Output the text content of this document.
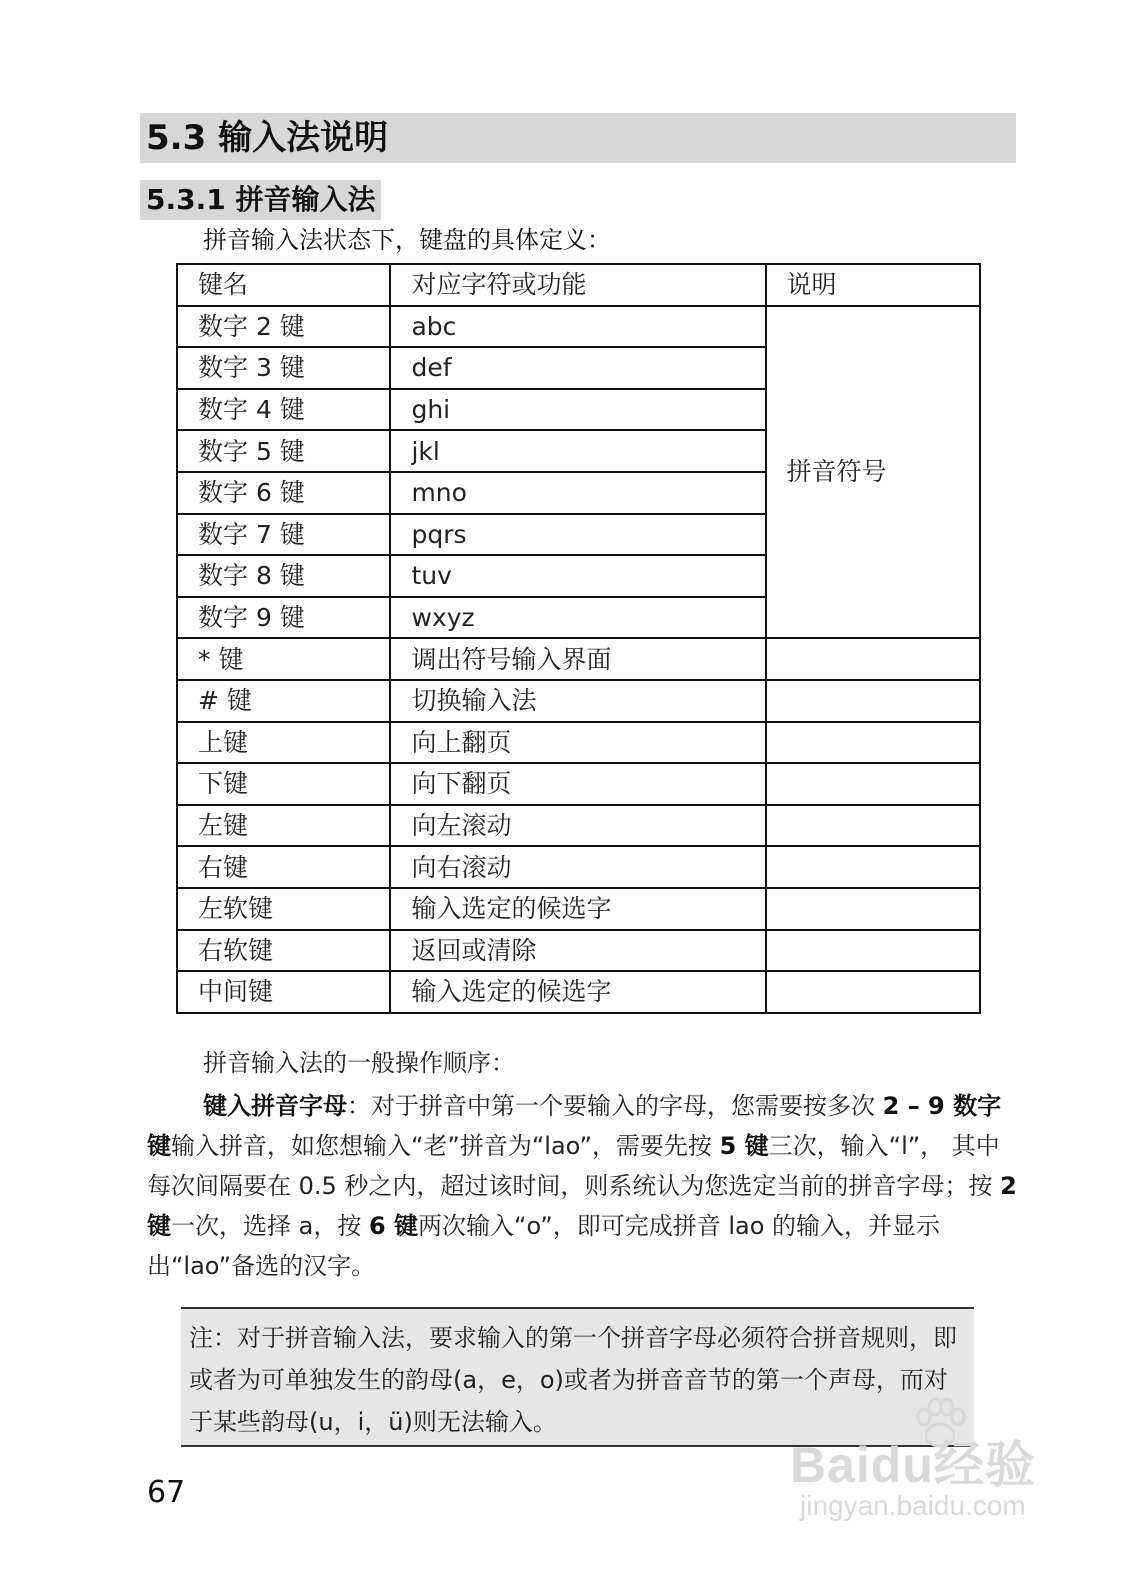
5.3 输入法说明
5.3.1 拼音输入法
拼音输入法状态下，键盘的具体定义：
键名	对应字符或功能	说明
数字 2 键	abc	拼音符号
数字 3 键	def	
数字 4 键	ghi	
数字 5 键	jkl	
数字 6 键	mno	
数字 7 键	pqrs	
数字 8 键	tuv	
数字 9 键	wxyz	
* 键	调出符号输入界面	
# 键	切换输入法	
上键	向上翻页	
下键	向下翻页	
左键	向左滚动	
右键	向右滚动	
左软键	输入选定的候选字	
右软键	返回或清除	
中间键	输入选定的候选字	
拼音输入法的一般操作顺序：
键入拼音字母：对于拼音中第一个要输入的字母，您需要按多次 2 – 9 数字键输入拼音，如您想输入“老”拼音为“lao”，需要先按 5 键三次，输入“l”， 其中每次间隔要在 0.5 秒之内，超过该时间，则系统认为您选定当前的拼音字母；按 2 键一次，选择 a，按 6 键两次输入“o”，即可完成拼音 lao 的输入，并显示出“lao”备选的汉字。
注：对于拼音输入法，要求输入的第一个拼音字母必须符合拼音规则，即或者为可单独发生的韵母(a，e，o)或者为拼音音节的第一个声母，而对于某些韵母(u，i，ü)则无法输入。
67	Baidu经验
jingyan.baidu.com
